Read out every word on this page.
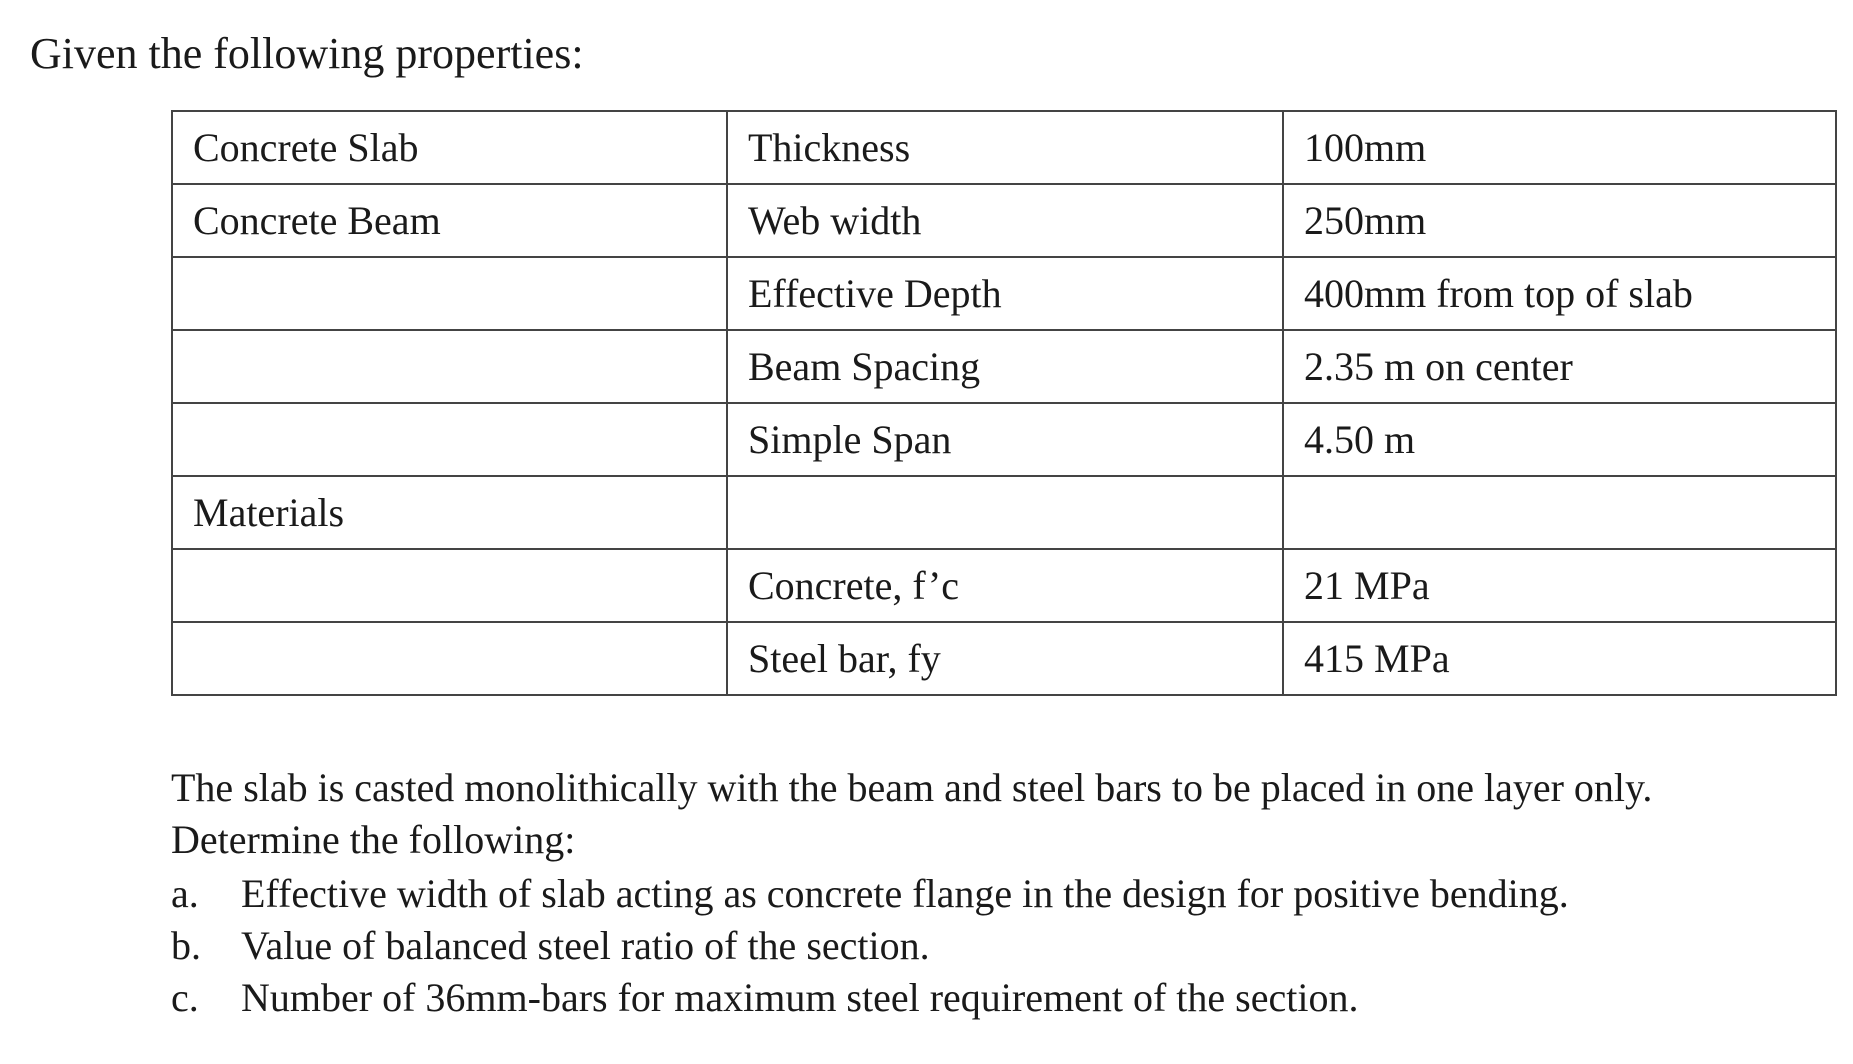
Given the following properties:
Concrete Slab	Thickness	100mm
Concrete Beam	Web width	250mm
	Effective Depth	400mm from top of slab
	Beam Spacing	2.35 m on center
	Simple Span	4.50 m
Materials		
	Concrete, f’c	21 MPa
	Steel bar, fy	415 MPa
The slab is casted monolithically with the beam and steel bars to be placed in one layer only.
Determine the following:
a. Effective width of slab acting as concrete flange in the design for positive bending.
b. Value of balanced steel ratio of the section.
c. Number of 36mm-bars for maximum steel requirement of the section.
